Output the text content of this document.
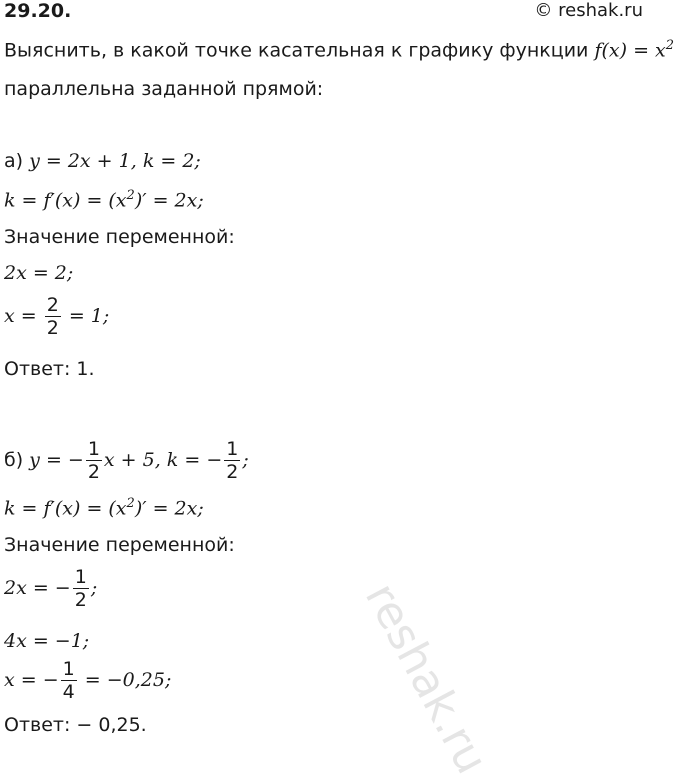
29.20.	© reshak.ru
Выяснить, в какой точке касательная к графику функции $f(x) = x^2$
параллельна заданной прямой:
а) y = 2x + 1, k = 2;
$k = f'(x) = (x^2)' = 2x$;
Значение переменной:
2x = 2;
$x = \frac{2}{2} = 1$;
Ответ: 1.
б) y = − $\frac{1}{2}$ x + 5, k = − $\frac{1}{2}$ ;
$k = f'(x) = (x^2)' = 2x$;
Значение переменной:
2x = − $\frac{1}{2}$ ;
4x = −1;
x = − $\frac{1}{4} = -0,25$;
Ответ: − 0,25.	reshak.ru
